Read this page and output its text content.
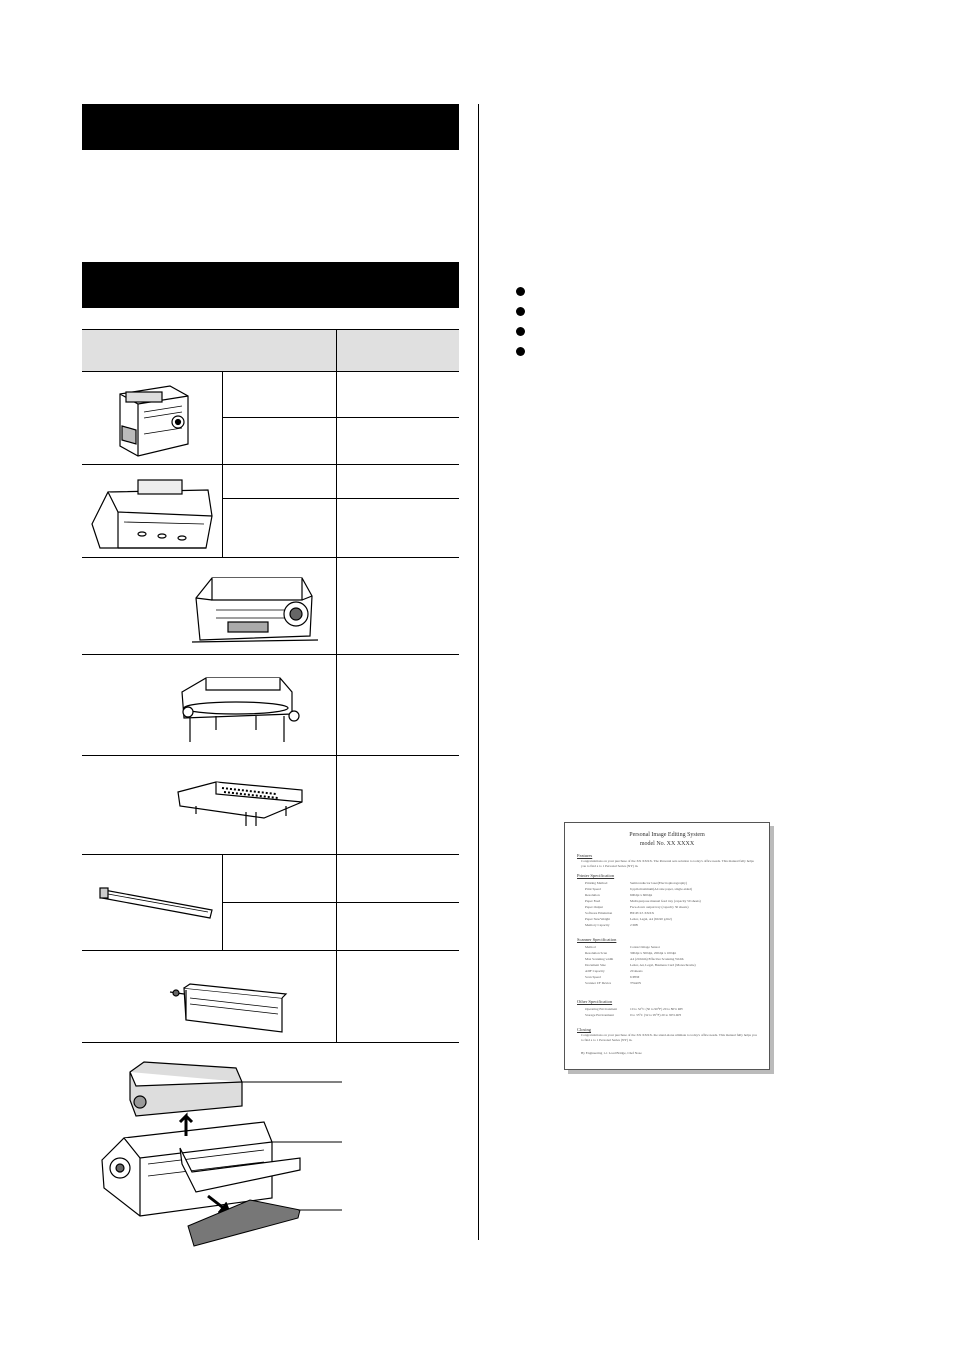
Personal Image Editing System
model No. XX XXXX
Features
Congratulations on your purchase of the XX XXXX. The Personal sets solution to today's office needs. This manual fully helps you to find a to 1 Personal Series (NY) in.
Printer Specification
Printing Method	Semiconductor laser(Electrophotography)
Print Speed	6 ppm maximum(A4 size paper, single-sided)
Resolution	600dpi x 600dpi
Paper Feed	Multi-purpose manual feed tray (capacity 50 sheets)
Paper Output	Face-down output tray (capacity 50 sheets)
Software Emulation	HP-PCL5 XXXX
Paper Size/Weight	Letter, Legal, A4 (60-90 g/m2)
Memory Capacity	2 MB
Scanner Specification
Method	Contact Image Sensor
Resolution Scan	300dpi x 300dpi, 200dpi x 100dpi
Max Scanning width	A4 (210mm) Effective Scanning Width
Document Size	Letter, A4, Legal, Business Card (Monochrome)
ADF Capacity	20 sheets
Scan Speed	6 PPM
Scanner I/F Device	TWAIN
Other Specification
Operating Environment	10 to 32°C (50 to 90°F) 20 to 80% RH
Storage Environment	0 to 35°C (32 to 95°F) 20 to 90% RH
Closing
Congratulations on your purchase of the XX XXXX. the stand-alone ultimate to today's office needs. This manual fully helps you to find a to 1 Personal Series (NY) in.
By Engineering 1-1 Load Bridge, Chef Nose
